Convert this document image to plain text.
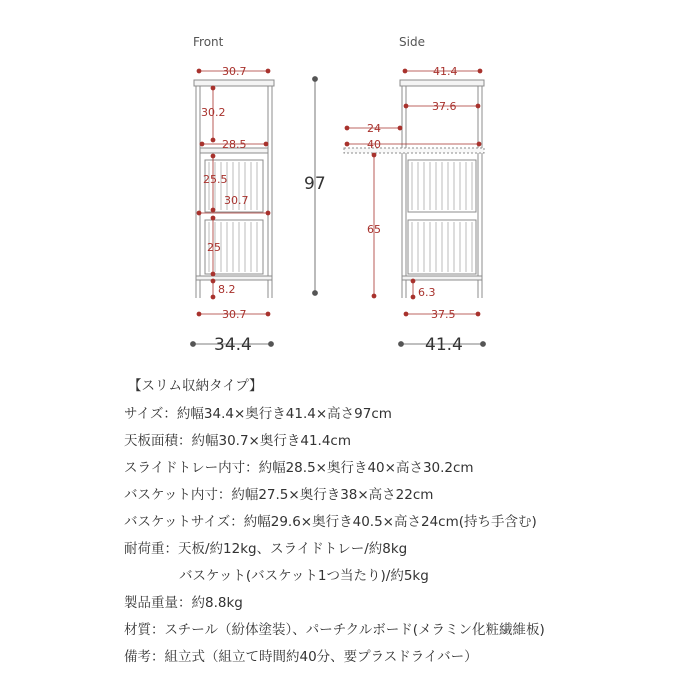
Front
30.7
30.2
28.5
25.5
30.7
25
8.2
30.7
97
34.4
Side
41.4
37.6
24
40
65
6.3
37.5
41.4
【スリム収納タイプ】
サイズ：約幅34.4×奥行き41.4×高さ97cm
天板面積：約幅30.7×奥行き41.4cm
スライドトレー内寸：約幅28.5×奥行き40×高さ30.2cm
バスケット内寸：約幅27.5×奥行き38×高さ22cm
バスケットサイズ：約幅29.6×奥行き40.5×高さ24cm(持ち手含む)
耐荷重：天板/約12kg、スライドトレー/約8kg
バスケット(バスケット1つ当たり)/約5kg
製品重量：約8.8kg
材質：スチール（紛体塗装）、パーチクルボード(メラミン化粧繊維板)
備考：組立式（組立て時間約40分、要プラスドライバー）
